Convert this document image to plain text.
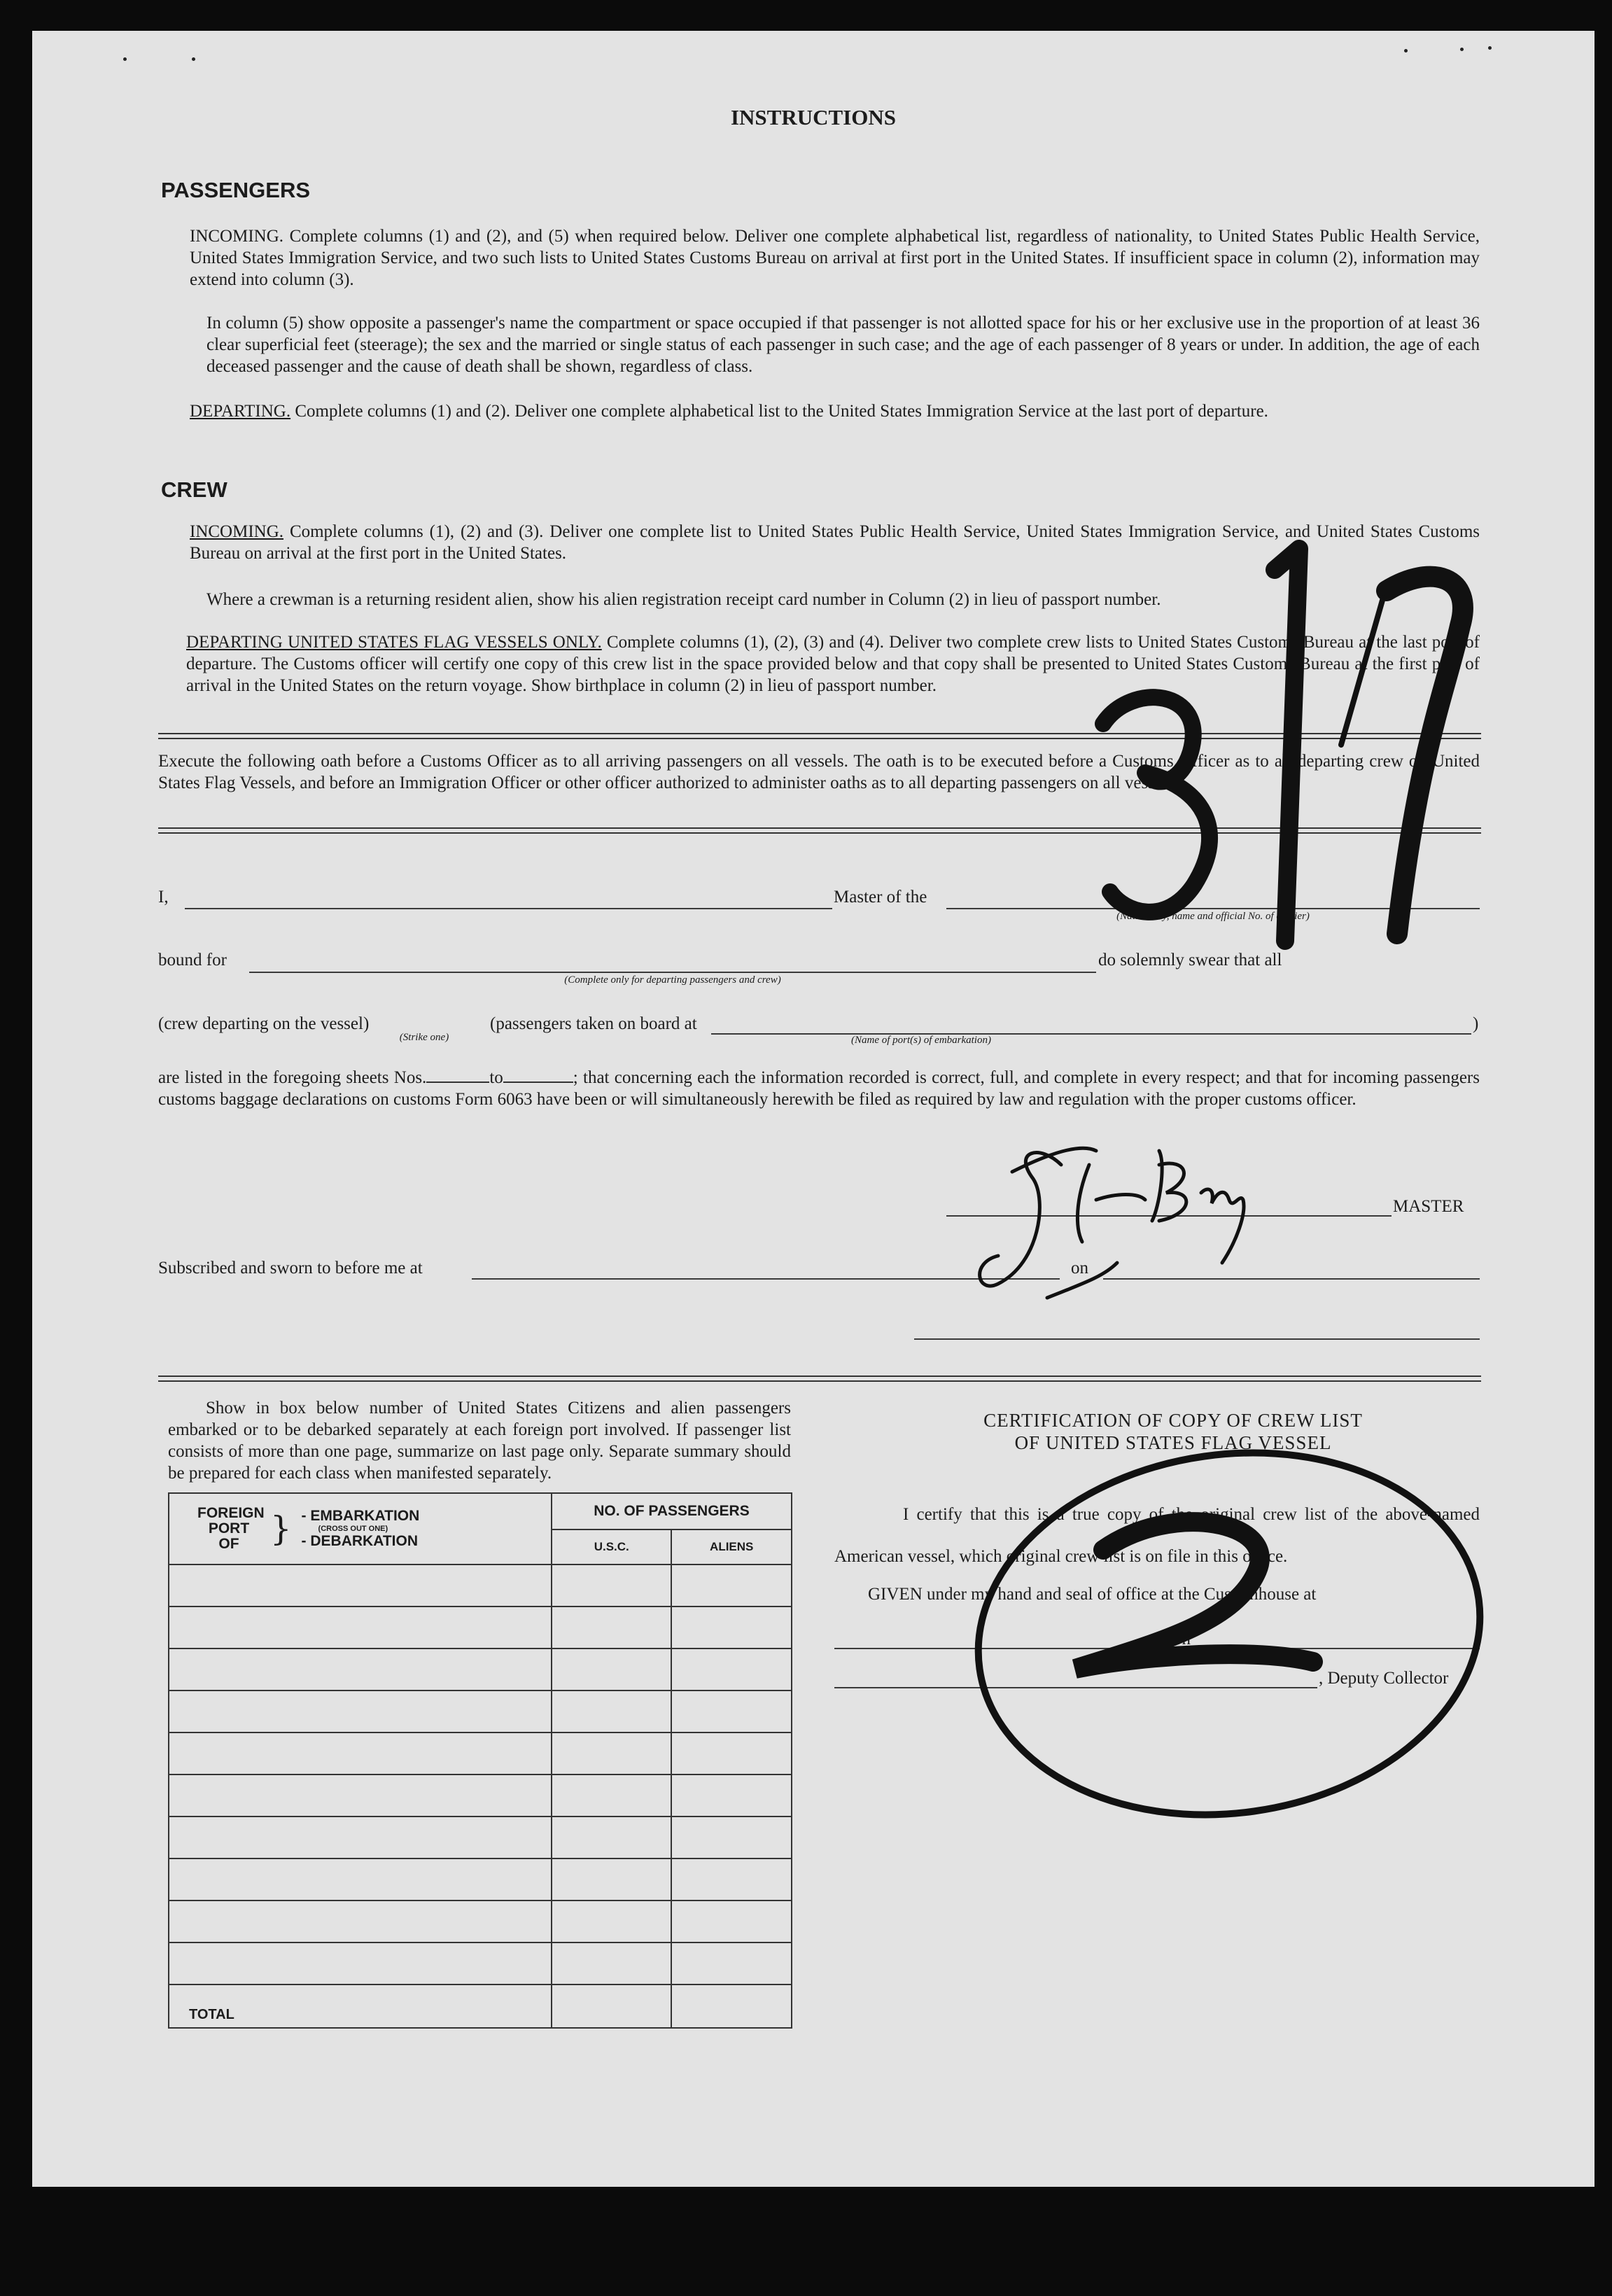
INSTRUCTIONS
PASSENGERS
INCOMING. Complete columns (1) and (2), and (5) when required below. Deliver one complete alphabetical list, regardless of nationality, to United States Public Health Service, United States Immigration Service, and two such lists to United States Customs Bureau on arrival at first port in the United States. If insufficient space in column (2), information may extend into column (3).
In column (5) show opposite a passenger's name the compartment or space occupied if that passenger is not allotted space for his or her exclusive use in the proportion of at least 36 clear superficial feet (steerage); the sex and the married or single status of each passenger in such case; and the age of each passenger of 8 years or under. In addition, the age of each deceased passenger and the cause of death shall be shown, regardless of class.
DEPARTING. Complete columns (1) and (2). Deliver one complete alphabetical list to the United States Immigration Service at the last port of departure.
CREW
INCOMING. Complete columns (1), (2) and (3). Deliver one complete list to United States Public Health Service, United States Immigration Service, and United States Customs Bureau on arrival at the first port in the United States.
Where a crewman is a returning resident alien, show his alien registration receipt card number in Column (2) in lieu of passport number.
DEPARTING UNITED STATES FLAG VESSELS ONLY. Complete columns (1), (2), (3) and (4). Deliver two complete crew lists to United States Customs Bureau at the last port of departure. The Customs officer will certify one copy of this crew list in the space provided below and that copy shall be presented to United States Customs Bureau at the first port of arrival in the United States on the return voyage. Show birthplace in column (2) in lieu of passport number.
Execute the following oath before a Customs Officer as to all arriving passengers on all vessels. The oath is to be executed before a Customs Officer as to all departing crew on United States Flag Vessels, and before an Immigration Officer or other officer authorized to administer oaths as to all departing passengers on all vessels.
I,	Master of the
(Nationality, name and official No. of carrier)
bound for
(Complete only for departing passengers and crew)
do solemnly swear that all
(crew departing on the vessel)
(Strike one)
(passengers taken on board at	)
(Name of port(s) of embarkation)
are listed in the foregoing sheets Nos.	to	; that concerning each the information recorded is correct, full, and complete in every respect; and that for incoming passengers customs baggage declarations on customs Form 6063 have been or will simultaneously herewith be filed as required by law and regulation with the proper customs officer.
MASTER
Subscribed and sworn to before me at	on
Show in box below number of United States Citizens and alien passengers embarked or to be debarked separately at each foreign port involved. If passenger list consists of more than one page, summarize on last page only. Separate summary should be prepared for each class when manifested separately.
FOREIGN PORT OF } - EMBARKATION
(CROSS OUT ONE)
- DEBARKATION	NO. OF PASSENGERS	
	U.S.C.	ALIENS

TOTAL		
CERTIFICATION OF COPY OF CREW LIST
OF UNITED STATES FLAG VESSEL
I certify that this is a true copy of the original crew list of the above-named American vessel, which original crew list is on file in this office.
GIVEN under my hand and seal of office at the Customhouse at
on
, Deputy Collector
